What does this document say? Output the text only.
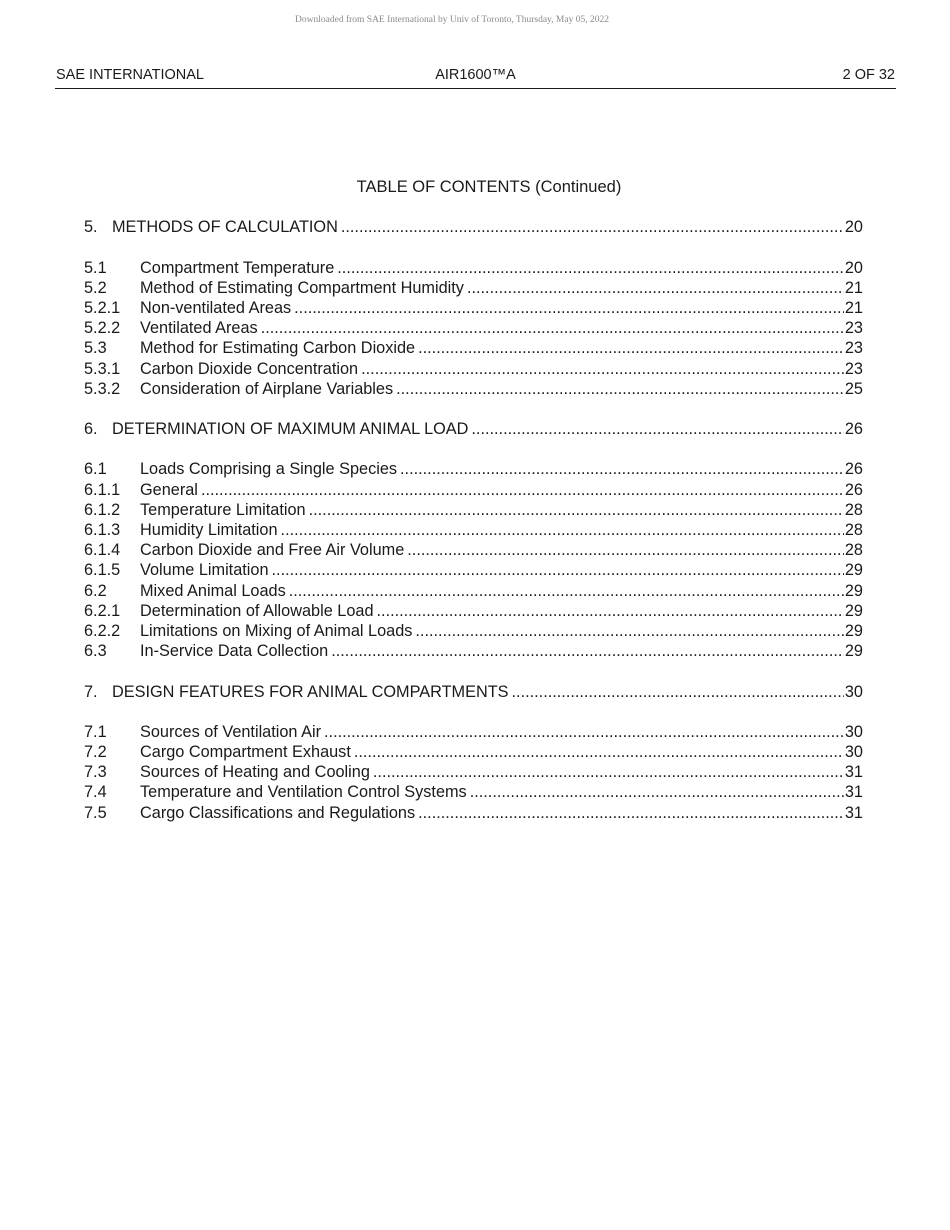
Downloaded from SAE International by Univ of Toronto, Thursday, May 05, 2022
SAE INTERNATIONAL	AIR1600™A	2 OF 32
TABLE OF CONTENTS (Continued)
5. METHODS OF CALCULATION .....	20
5.1	Compartment Temperature .....	20
5.2	Method of Estimating Compartment Humidity .....	21
5.2.1	Non-ventilated Areas .....	21
5.2.2	Ventilated Areas .....	23
5.3	Method for Estimating Carbon Dioxide .....	23
5.3.1	Carbon Dioxide Concentration .....	23
5.3.2	Consideration of Airplane Variables .....	25
6. DETERMINATION OF MAXIMUM ANIMAL LOAD .....	26
6.1	Loads Comprising a Single Species .....	26
6.1.1	General .....	26
6.1.2	Temperature Limitation .....	28
6.1.3	Humidity Limitation .....	28
6.1.4	Carbon Dioxide and Free Air Volume .....	28
6.1.5	Volume Limitation .....	29
6.2	Mixed Animal Loads .....	29
6.2.1	Determination of Allowable Load .....	29
6.2.2	Limitations on Mixing of Animal Loads .....	29
6.3	In-Service Data Collection .....	29
7. DESIGN FEATURES FOR ANIMAL COMPARTMENTS .....	30
7.1	Sources of Ventilation Air .....	30
7.2	Cargo Compartment Exhaust .....	30
7.3	Sources of Heating and Cooling .....	31
7.4	Temperature and Ventilation Control Systems .....	31
7.5	Cargo Classifications and Regulations .....	31
